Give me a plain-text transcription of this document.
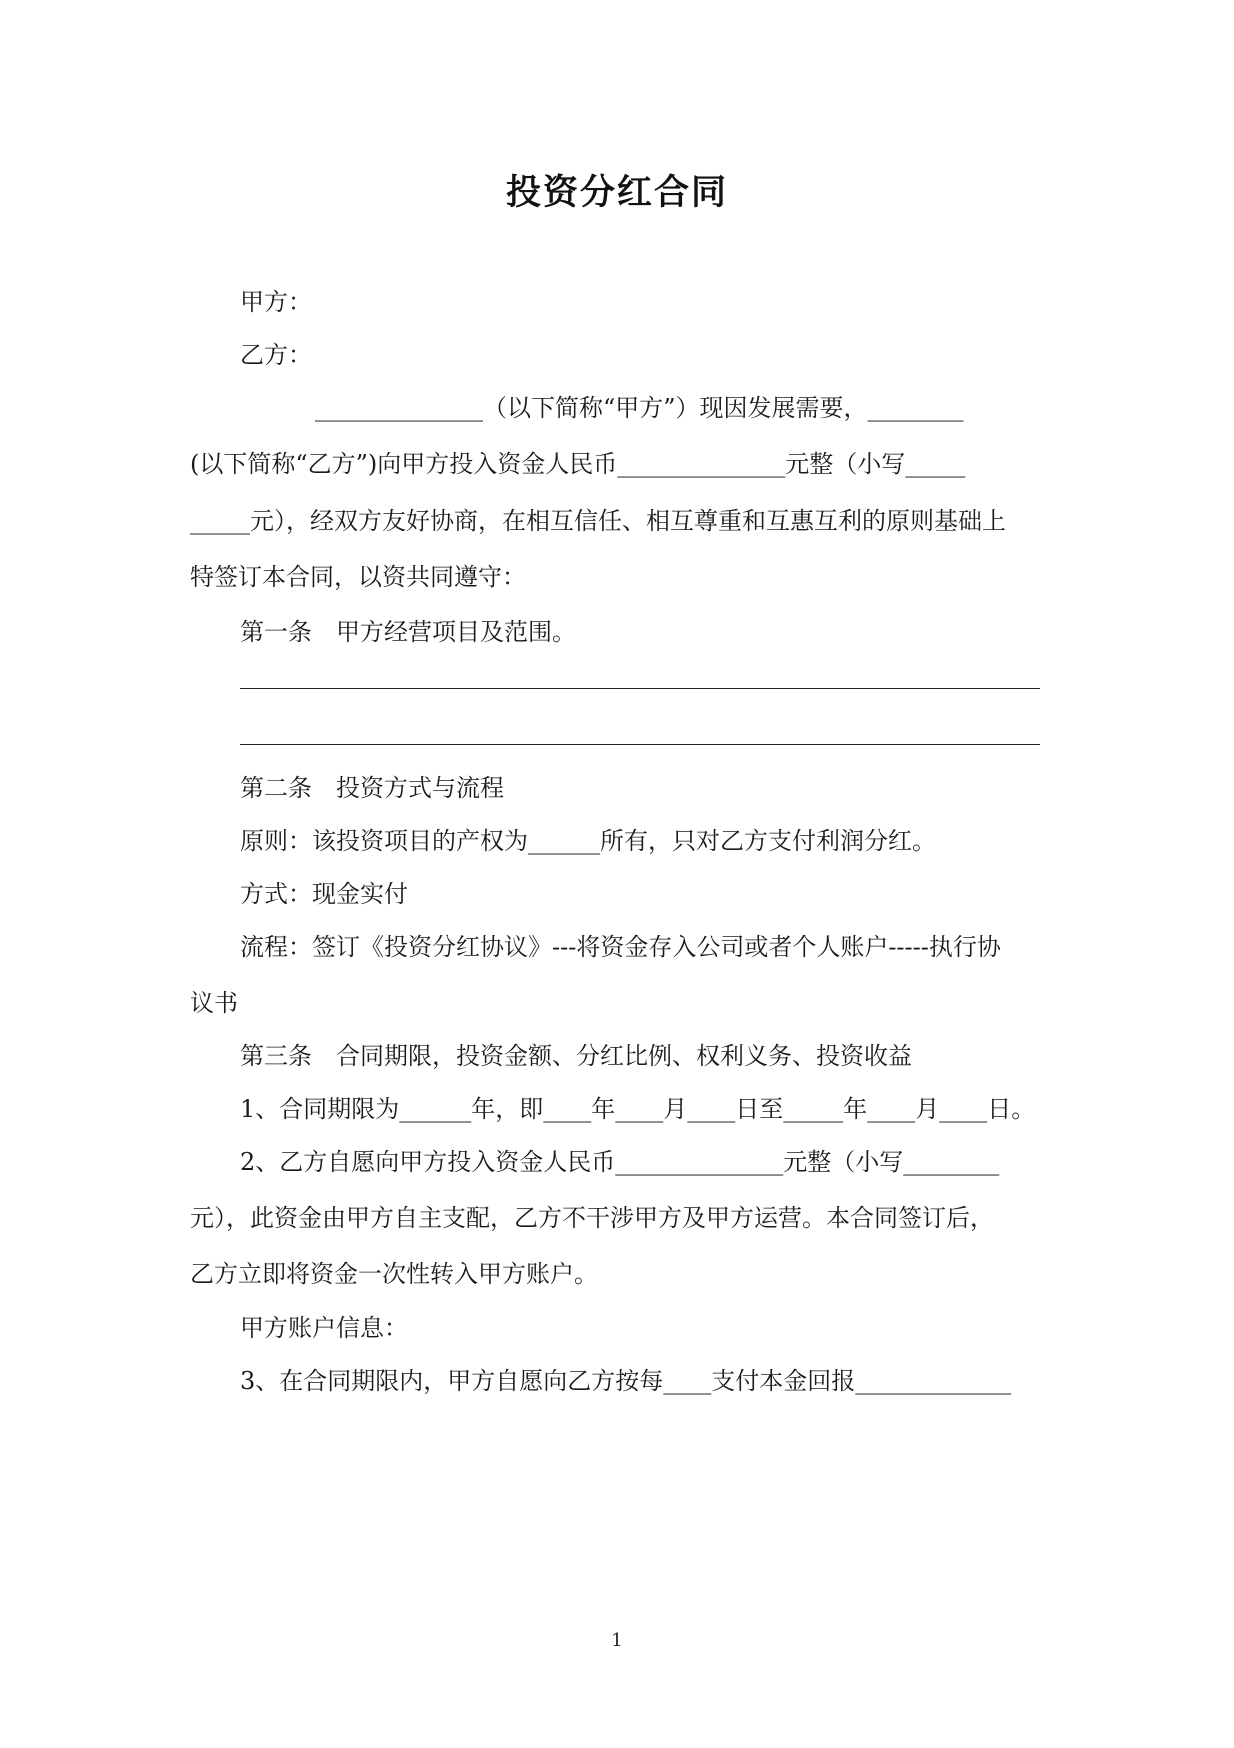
投资分红合同
甲方：
乙方：
______________（以下简称“甲方”）现因发展需要，________
(以下简称“乙方”)向甲方投入资金人民币______________元整（小写_____
_____元），经双方友好协商，在相互信任、相互尊重和互惠互利的原则基础上
特签订本合同，以资共同遵守：
第一条　甲方经营项目及范围。
第二条　投资方式与流程
原则：该投资项目的产权为______所有，只对乙方支付利润分红。
方式：现金实付
流程：签订《投资分红协议》---将资金存入公司或者个人账户-----执行协
议书
第三条　合同期限，投资金额、分红比例、权利义务、投资收益
1、合同期限为______年，即____年____月____日至_____年____月____日。
2、乙方自愿向甲方投入资金人民币______________元整（小写________
元），此资金由甲方自主支配，乙方不干涉甲方及甲方运营。本合同签订后，
乙方立即将资金一次性转入甲方账户。
甲方账户信息：
3、在合同期限内，甲方自愿向乙方按每____支付本金回报_____________
1
